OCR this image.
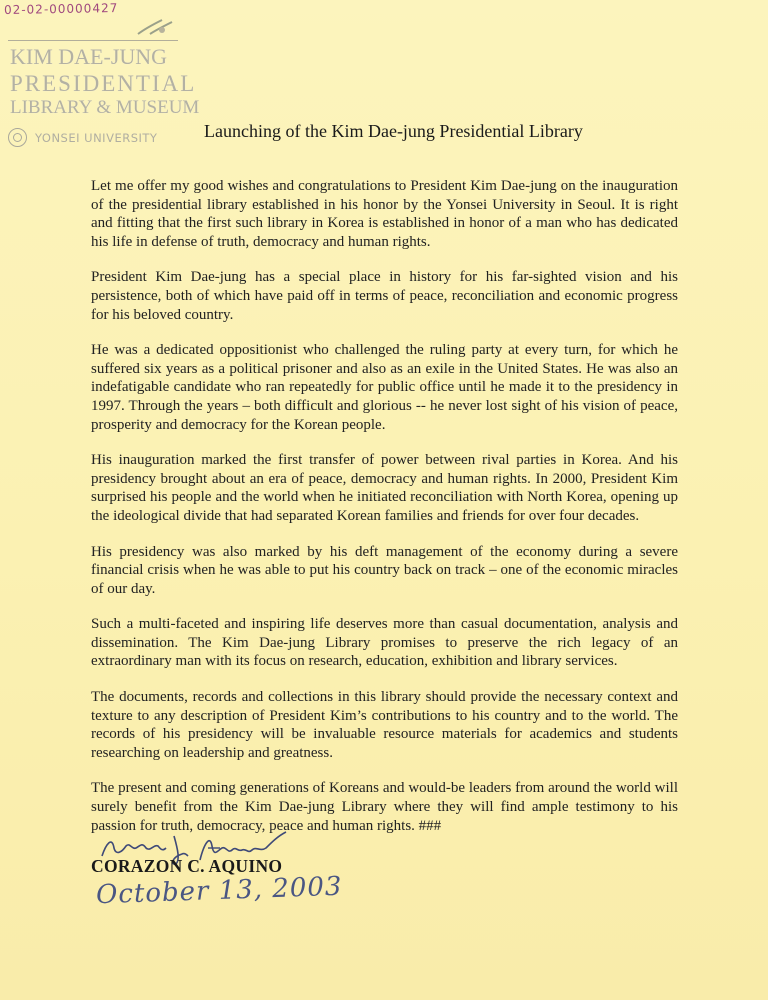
02-02-00000427
KIM DAE-JUNG
PRESIDENTIAL
LIBRARY & MUSEUM
YONSEI UNIVERSITY	Launching of the Kim Dae-jung Presidential Library

Let me offer my good wishes and congratulations to President Kim Dae-jung on the inauguration of the presidential library established in his honor by the Yonsei University in Seoul. It is right and fitting that the first such library in Korea is established in honor of a man who has dedicated his life in defense of truth, democracy and human rights.

President Kim Dae-jung has a special place in history for his far-sighted vision and his persistence, both of which have paid off in terms of peace, reconciliation and economic progress for his beloved country.

He was a dedicated oppositionist who challenged the ruling party at every turn, for which he suffered six years as a political prisoner and also as an exile in the United States. He was also an indefatigable candidate who ran repeatedly for public office until he made it to the presidency in 1997. Through the years – both difficult and glorious -- he never lost sight of his vision of peace, prosperity and democracy for the Korean people.

His inauguration marked the first transfer of power between rival parties in Korea. And his presidency brought about an era of peace, democracy and human rights. In 2000, President Kim surprised his people and the world when he initiated reconciliation with North Korea, opening up the ideological divide that had separated Korean families and friends for over four decades.

His presidency was also marked by his deft management of the economy during a severe financial crisis when he was able to put his country back on track – one of the economic miracles of our day.

Such a multi-faceted and inspiring life deserves more than casual documentation, analysis and dissemination. The Kim Dae-jung Library promises to preserve the rich legacy of an extraordinary man with its focus on research, education, exhibition and library services.

The documents, records and collections in this library should provide the necessary context and texture to any description of President Kim’s contributions to his country and to the world. The records of his presidency will be invaluable resource materials for academics and students researching on leadership and greatness.

The present and coming generations of Koreans and would-be leaders from around the world will surely benefit from the Kim Dae-jung Library where they will find ample testimony to his passion for truth, democracy, peace and human rights. ###

CORAZON C. AQUINO
October 13, 2003
